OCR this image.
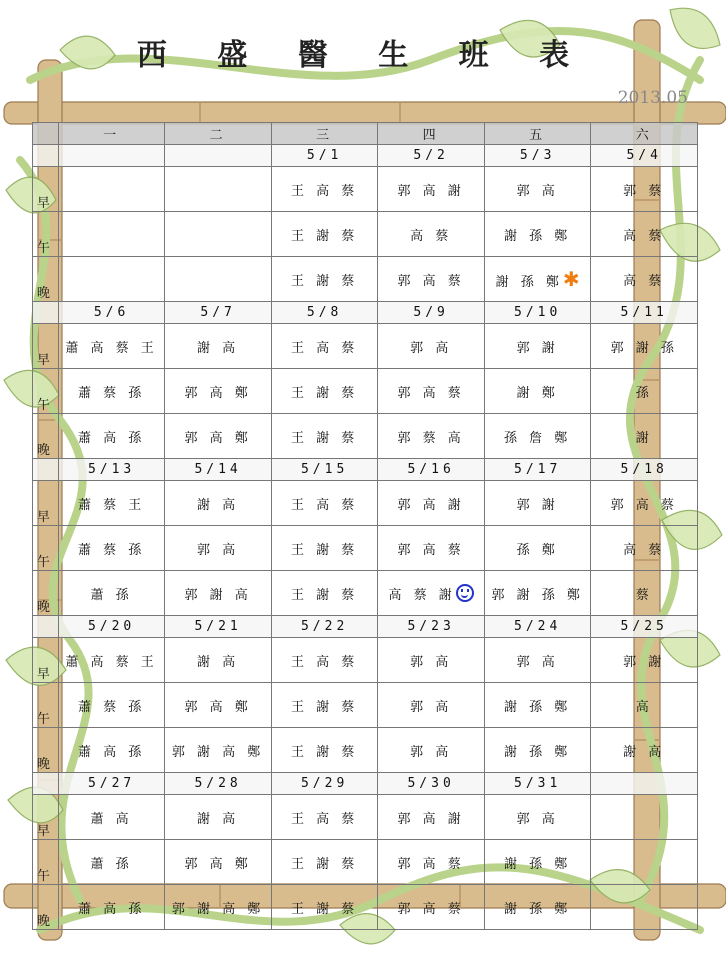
西 盛 醫 生 班 表
2013.05
	一	二	三	四	五	六
			5/1	5/2	5/3	5/4
早			王 高 蔡	郭 高 謝	郭 高	郭 蔡
午			王 謝 蔡	高 蔡	謝 孫 鄭	高 蔡
晚			王 謝 蔡	郭 高 蔡	謝 孫 鄭✱	高 蔡
	5/6	5/7	5/8	5/9	5/10	5/11
早	蕭 高 蔡 王	謝 高	王 高 蔡	郭 高	郭 謝	郭 謝 孫
午	蕭 蔡 孫	郭 高 鄭	王 謝 蔡	郭 高 蔡	謝 鄭	孫
晚	蕭 高 孫	郭 高 鄭	王 謝 蔡	郭 蔡 高	孫 詹 鄭	謝
	5/13	5/14	5/15	5/16	5/17	5/18
早	蕭 蔡 王	謝 高	王 高 蔡	郭 高 謝	郭 謝	郭 高 蔡
午	蕭 蔡 孫	郭 高	王 謝 蔡	郭 高 蔡	孫 鄭	高 蔡
晚	蕭 孫	郭 謝 高	王 謝 蔡	高 蔡 謝	郭 謝 孫 鄭	蔡
	5/20	5/21	5/22	5/23	5/24	5/25
早	蕭 高 蔡 王	謝 高	王 高 蔡	郭 高	郭 高	郭 謝
午	蕭 蔡 孫	郭 高 鄭	王 謝 蔡	郭 高	謝 孫 鄭	高
晚	蕭 高 孫	郭 謝 高 鄭	王 謝 蔡	郭 高	謝 孫 鄭	謝 高
	5/27	5/28	5/29	5/30	5/31	
早	蕭 高	謝 高	王 高 蔡	郭 高 謝	郭 高	
午	蕭 孫	郭 高 鄭	王 謝 蔡	郭 高 蔡	謝 孫 鄭	
晚	蕭 高 孫	郭 謝 高 鄭	王 謝 蔡	郭 高 蔡	謝 孫 鄭	
